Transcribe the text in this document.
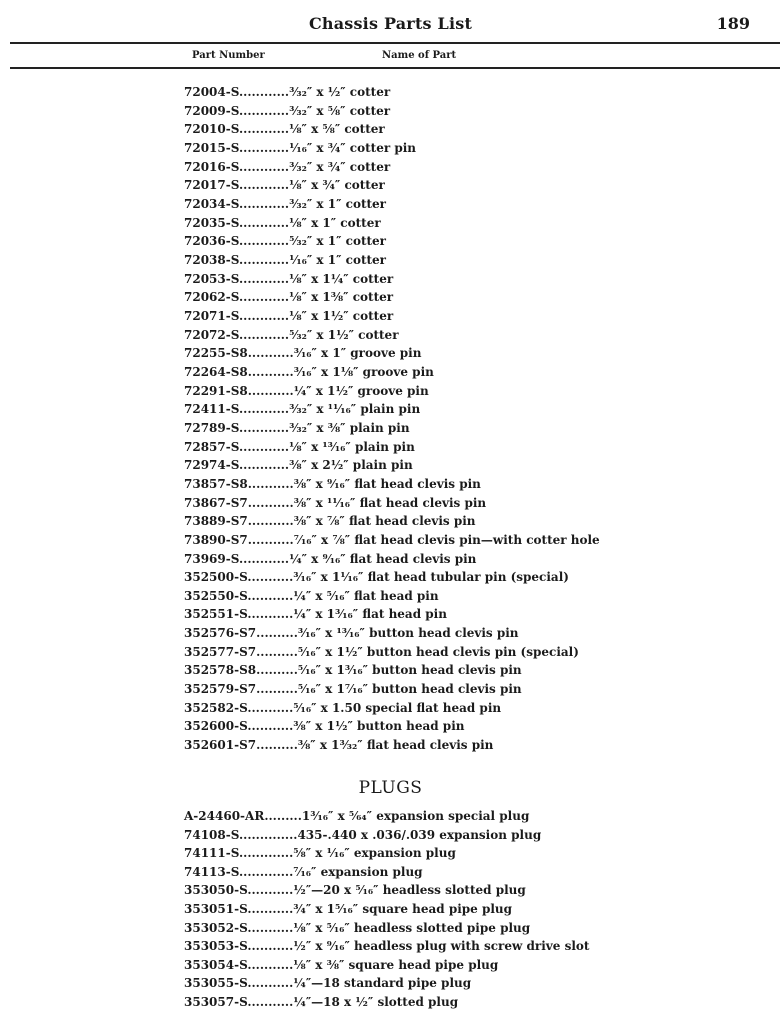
Chassis Parts List	189
Part Number	Name of Part
72004-S............³⁄₃₂″ x ½″ cotter
72009-S............³⁄₃₂″ x ⅝″ cotter
72010-S............⅛″ x ⅝″ cotter
72015-S............¹⁄₁₆″ x ¾″ cotter pin
72016-S............³⁄₃₂″ x ¾″ cotter
72017-S............⅛″ x ¾″ cotter
72034-S............³⁄₃₂″ x 1″ cotter
72035-S............⅛″ x 1″ cotter
72036-S............⁵⁄₃₂″ x 1″ cotter
72038-S............¹⁄₁₆″ x 1″ cotter
72053-S............⅛″ x 1¼″ cotter
72062-S............⅛″ x 1⅜″ cotter
72071-S............⅛″ x 1½″ cotter
72072-S............⁵⁄₃₂″ x 1½″ cotter
72255-S8...........³⁄₁₆″ x 1″ groove pin
72264-S8...........³⁄₁₆″ x 1⅛″ groove pin
72291-S8...........¼″ x 1½″ groove pin
72411-S............³⁄₃₂″ x ¹¹⁄₁₆″ plain pin
72789-S............³⁄₃₂″ x ⅜″ plain pin
72857-S............⅛″ x ¹³⁄₁₆″ plain pin
72974-S............⅜″ x 2½″ plain pin
73857-S8...........⅜″ x ⁹⁄₁₆″ flat head clevis pin
73867-S7...........⅜″ x ¹¹⁄₁₆″ flat head clevis pin
73889-S7...........⅜″ x ⅞″ flat head clevis pin
73890-S7...........⁷⁄₁₆″ x ⅞″ flat head clevis pin—with cotter hole
73969-S............¼″ x ⁹⁄₁₆″ flat head clevis pin
352500-S...........³⁄₁₆″ x 1¹⁄₁₆″ flat head tubular pin (special)
352550-S...........¼″ x ⁵⁄₁₆″ flat head pin
352551-S...........¼″ x 1³⁄₁₆″ flat head pin
352576-S7..........³⁄₁₆″ x ¹³⁄₁₆″ button head clevis pin
352577-S7..........⁵⁄₁₆″ x 1½″ button head clevis pin (special)
352578-S8..........⁵⁄₁₆″ x 1³⁄₁₆″ button head clevis pin
352579-S7..........⁵⁄₁₆″ x 1⁷⁄₁₆″ button head clevis pin
352582-S...........⁵⁄₁₆″ x 1.50 special flat head pin
352600-S...........⅜″ x 1½″ button head pin
352601-S7..........⅜″ x 1³⁄₃₂″ flat head clevis pin
PLUGS
A-24460-AR.........1³⁄₁₆″ x ⁵⁄₆₄″ expansion special plug
74108-S..............435-.440 x .036/.039 expansion plug
74111-S.............⅝″ x ¹⁄₁₆″ expansion plug
74113-S.............⁷⁄₁₆″ expansion plug
353050-S...........½″—20 x ⁵⁄₁₆″ headless slotted plug
353051-S...........¾″ x 1⁵⁄₁₆″ square head pipe plug
353052-S...........⅛″ x ⁵⁄₁₆″ headless slotted pipe plug
353053-S...........½″ x ⁹⁄₁₆″ headless plug with screw drive slot
353054-S...........⅛″ x ⅜″ square head pipe plug
353055-S...........¼″—18 standard pipe plug
353057-S...........¼″—18 x ½″ slotted plug
